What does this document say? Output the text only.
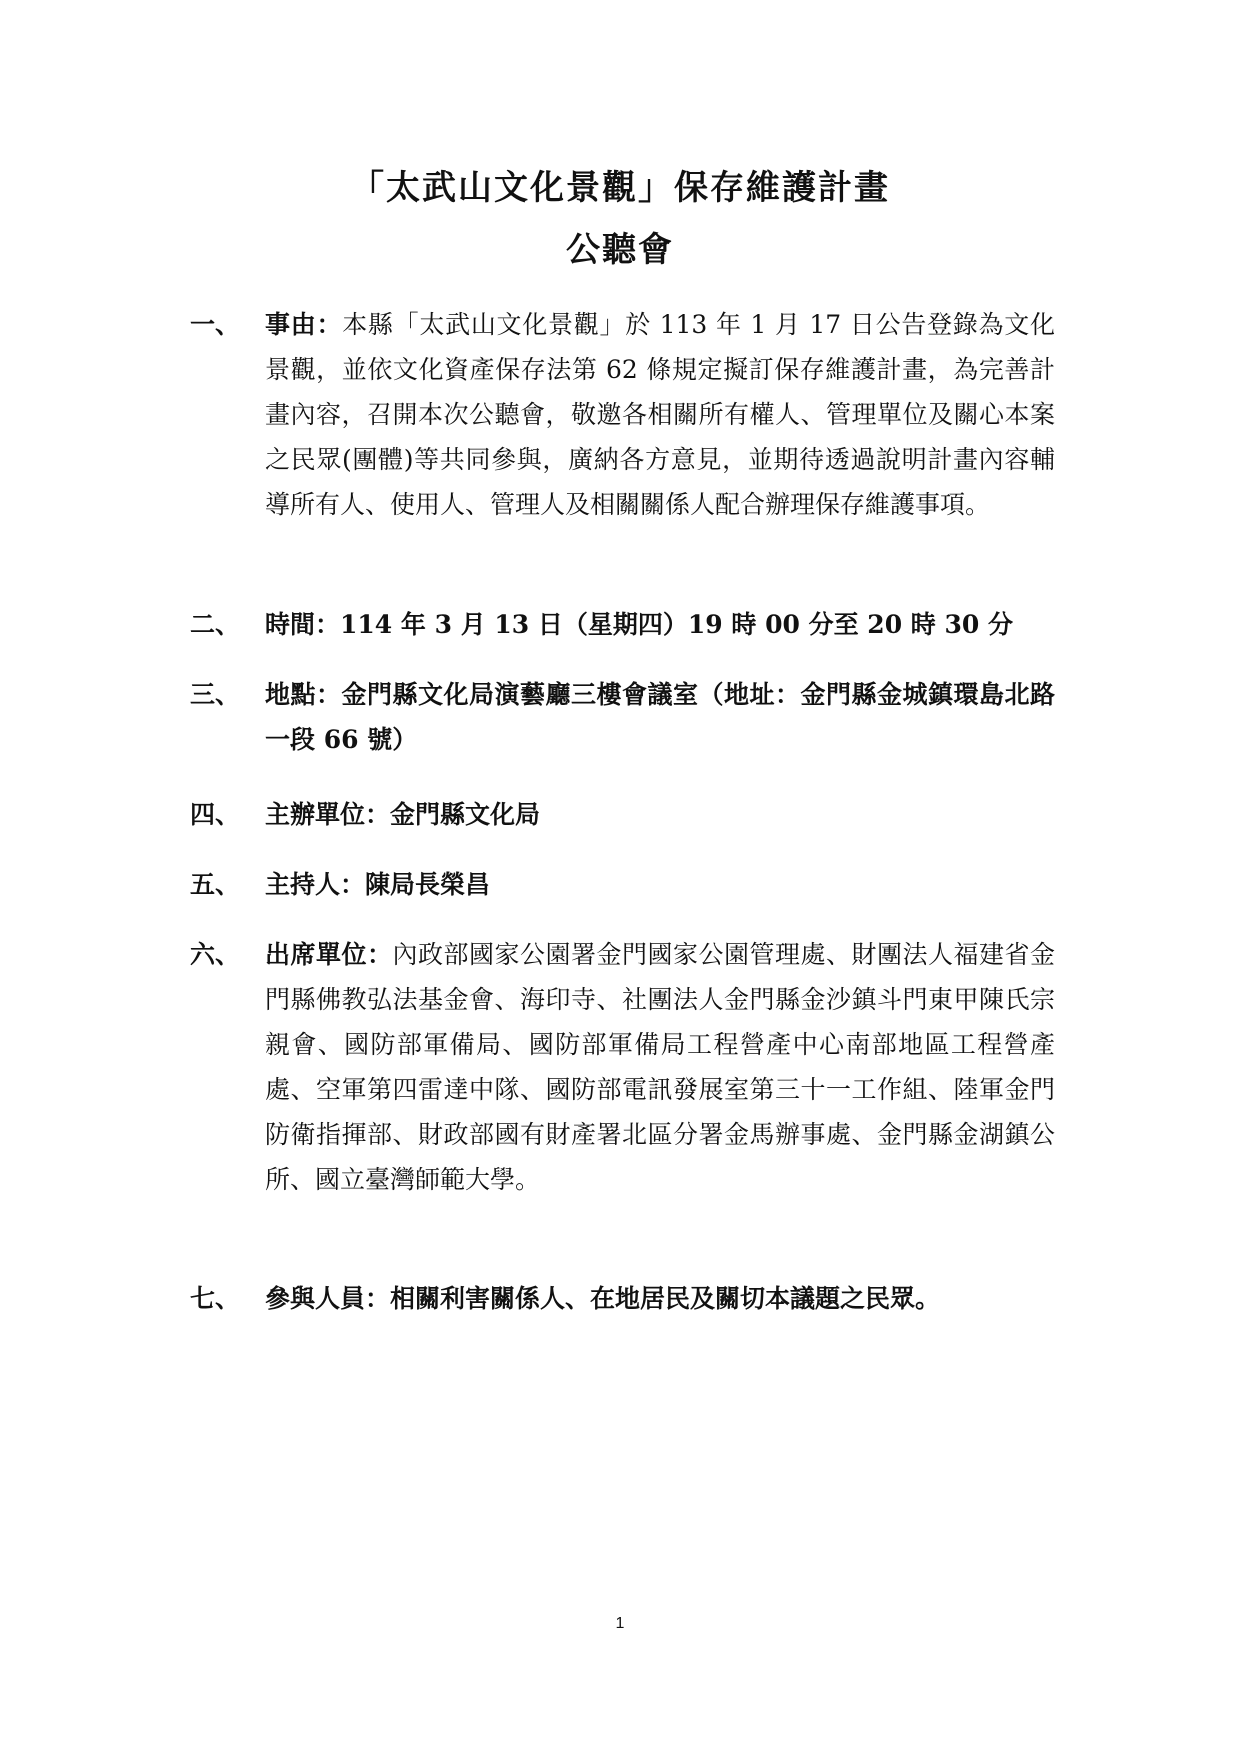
「太武山文化景觀」保存維護計畫
公聽會
一、 事由：本縣「太武山文化景觀」於 113 年 1 月 17 日公告登錄為文化景觀，並依文化資產保存法第 62 條規定擬訂保存維護計畫，為完善計畫內容，召開本次公聽會，敬邀各相關所有權人、管理單位及關心本案之民眾(團體)等共同參與，廣納各方意見，並期待透過說明計畫內容輔導所有人、使用人、管理人及相關關係人配合辦理保存維護事項。
二、 時間：114 年 3 月 13 日（星期四）19 時 00 分至 20 時 30 分
三、 地點：金門縣文化局演藝廳三樓會議室（地址：金門縣金城鎮環島北路一段 66 號）
四、 主辦單位：金門縣文化局
五、 主持人：陳局長榮昌
六、 出席單位：內政部國家公園署金門國家公園管理處、財團法人福建省金門縣佛教弘法基金會、海印寺、社團法人金門縣金沙鎮斗門東甲陳氏宗親會、國防部軍備局、國防部軍備局工程營產中心南部地區工程營產處、空軍第四雷達中隊、國防部電訊發展室第三十一工作組、陸軍金門防衛指揮部、財政部國有財產署北區分署金馬辦事處、金門縣金湖鎮公所、國立臺灣師範大學。
七、 參與人員：相關利害關係人、在地居民及關切本議題之民眾。
1
